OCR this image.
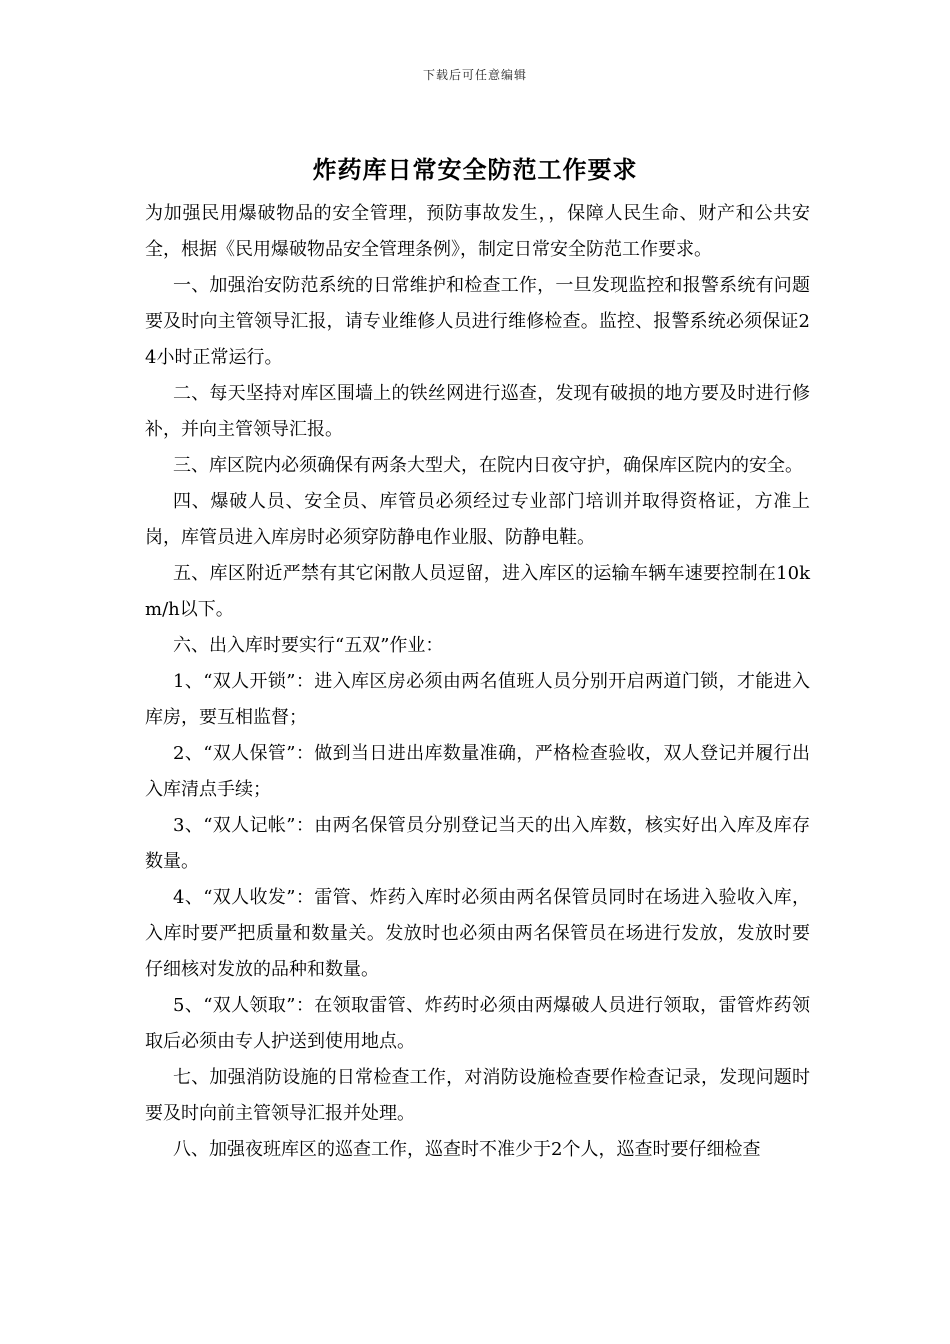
下载后可任意编辑
炸药库日常安全防范工作要求

为加强民用爆破物品的安全管理，预防事故发生，，保障人民生命、财产和公共安全，根据《民用爆破物品安全管理条例》，制定日常安全防范工作要求。

一、加强治安防范系统的日常维护和检查工作，一旦发现监控和报警系统有问题要及时向主管领导汇报，请专业维修人员进行维修检查。监控、报警系统必须保证24小时正常运行。

二、每天坚持对库区围墙上的铁丝网进行巡查，发现有破损的地方要及时进行修补，并向主管领导汇报。

三、库区院内必须确保有两条大型犬，在院内日夜守护，确保库区院内的安全。

四、爆破人员、安全员、库管员必须经过专业部门培训并取得资格证，方准上岗，库管员进入库房时必须穿防静电作业服、防静电鞋。

五、库区附近严禁有其它闲散人员逗留，进入库区的运输车辆车速要控制在10km/h以下。

六、出入库时要实行“五双”作业：

1、“双人开锁”：进入库区房必须由两名值班人员分别开启两道门锁，才能进入库房，要互相监督；

2、“双人保管”：做到当日进出库数量准确，严格检查验收，双人登记并履行出入库清点手续；

3、“双人记帐”：由两名保管员分别登记当天的出入库数，核实好出入库及库存数量。

4、“双人收发”：雷管、炸药入库时必须由两名保管员同时在场进入验收入库，入库时要严把质量和数量关。发放时也必须由两名保管员在场进行发放，发放时要仔细核对发放的品种和数量。

5、“双人领取”：在领取雷管、炸药时必须由两爆破人员进行领取，雷管炸药领取后必须由专人护送到使用地点。

七、加强消防设施的日常检查工作，对消防设施检查要作检查记录，发现问题时要及时向前主管领导汇报并处理。

八、加强夜班库区的巡查工作，巡查时不准少于2个人，巡查时要仔细检查
